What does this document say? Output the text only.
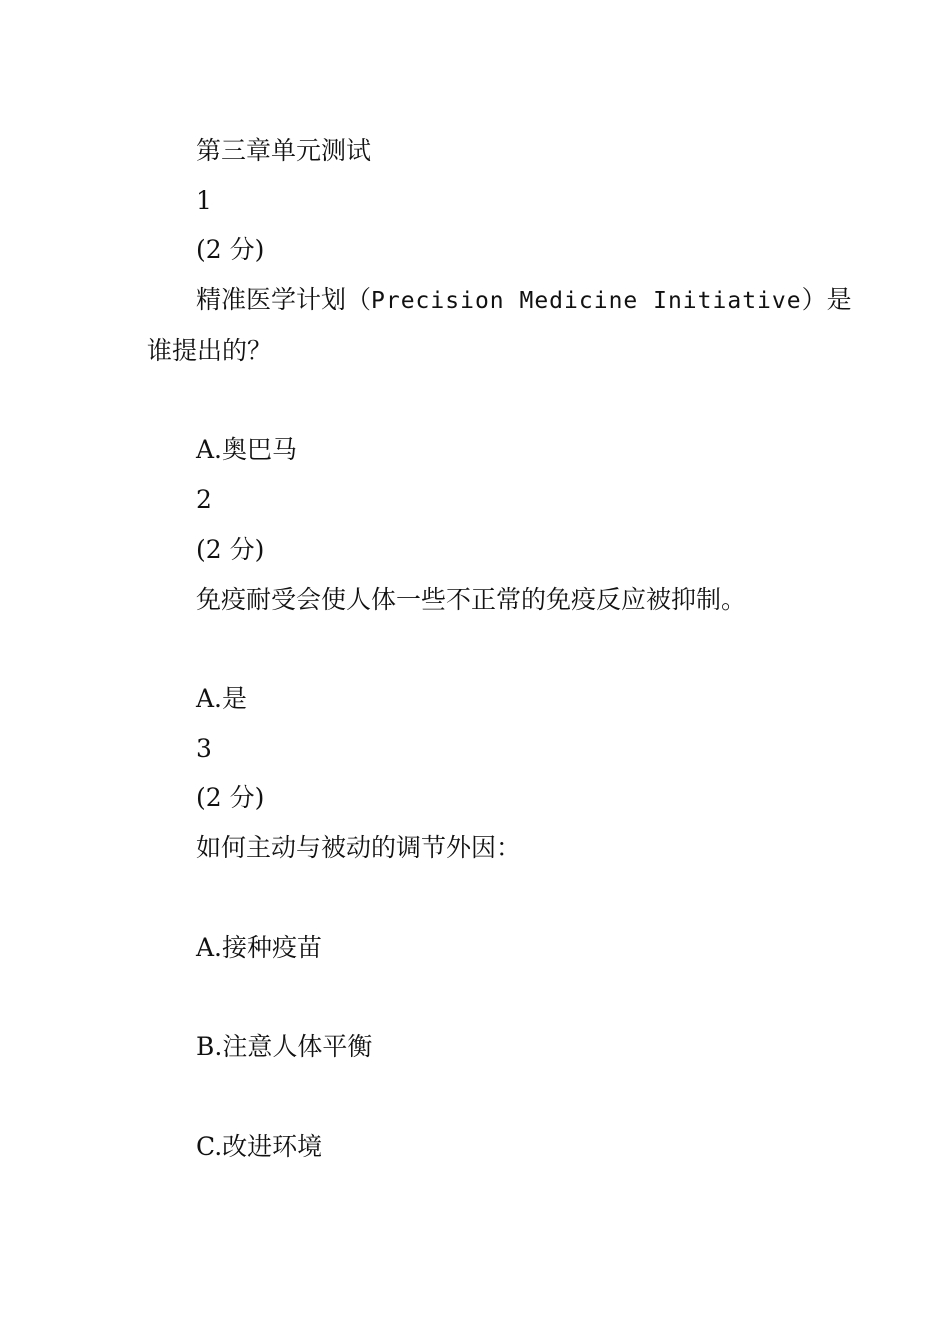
第三章单元测试
1
(2 分)
精准医学计划（Precision Medicine Initiative）是
谁提出的？
A.奥巴马
2
(2 分)
免疫耐受会使人体一些不正常的免疫反应被抑制。
A.是
3
(2 分)
如何主动与被动的调节外因：
A.接种疫苗
B.注意人体平衡
C.改进环境
